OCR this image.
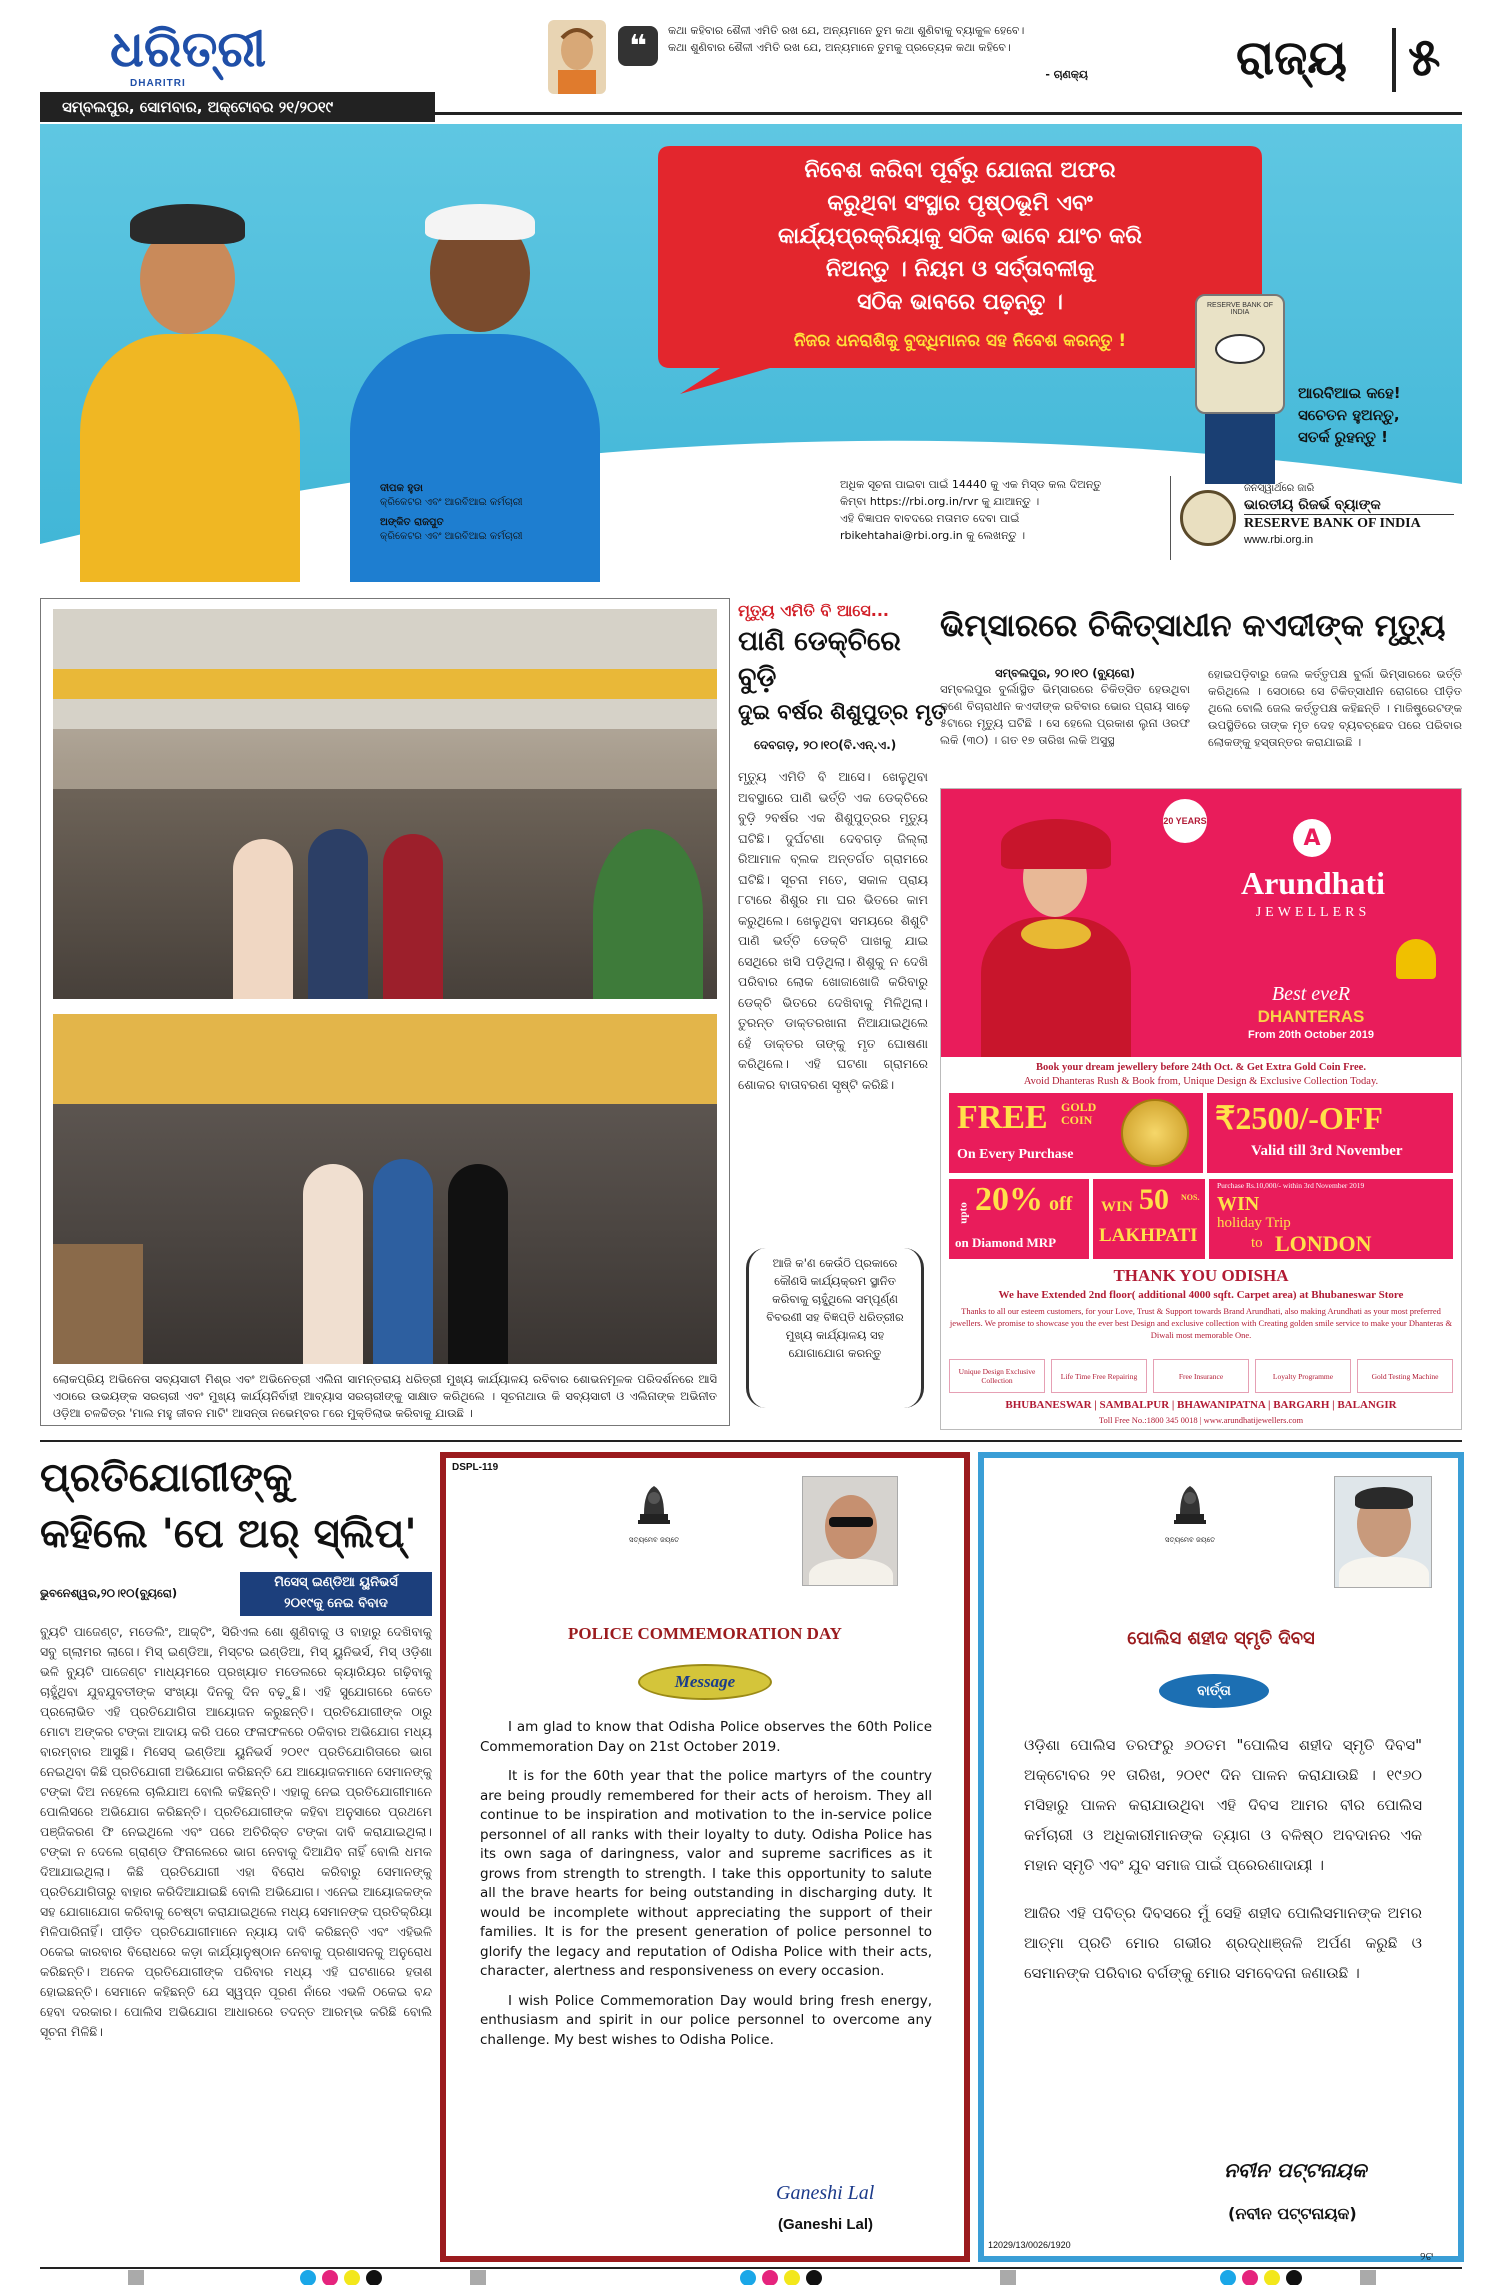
ଧରିତ୍ରୀ
DHARITRI
ସମ୍ବଲପୁର, ସୋମବାର, ଅକ୍ଟୋବର ୨୧/୨୦୧୯
❝	କଥା କହିବାର ଶୈଳୀ ଏମିତି ରଖ ଯେ, ଅନ୍ୟମାନେ ତୁମ କଥା ଶୁଣିବାକୁ ବ୍ୟାକୁଳ ହେବେ।
କଥା ଶୁଣିବାର ଶୈଳୀ ଏମିତି ରଖ ଯେ, ଅନ୍ୟମାନେ ତୁମକୁ ପ୍ରତ୍ୟେକ କଥା କହିବେ।
- ଚାଣକ୍ୟ	ରାଜ୍ୟ ୫
ନିବେଶ କରିବା ପୂର୍ବରୁ ଯୋଜନା ଅଫର
କରୁଥିବା ସଂସ୍ଥାର ପୃଷ୍ଠଭୂମି ଏବଂ
କାର୍ଯ୍ୟପ୍ରକ୍ରିୟାକୁ ସଠିକ ଭାବେ ଯାଂଚ କରି
ନିଅନ୍ତୁ । ନିୟମ ଓ ସର୍ତ୍ତାବଳୀକୁ
ସଠିକ ଭାବରେ ପଢ଼ନ୍ତୁ ।
ନିଜର ଧନରାଶିକୁ ବୁଦ୍ଧିମାନର ସହ ନିବେଶ କରନ୍ତୁ !
RESERVE BANK OF INDIA
ଆରବିଆଇ କହେ!
ସଚେତନ ହୁଅନ୍ତୁ,
ସତର୍କ ରୁହନ୍ତୁ !
ଦୀପକ ହୁଡା
କ୍ରିକେଟର ଏବଂ ଆରବିଆଇ କର୍ମଚାରୀ
ଅଙ୍କିତ ରାଜପୁତ
କ୍ରିକେଟର ଏବଂ ଆରବିଆଇ କର୍ମଚାରୀ
ଅଧିକ ସୂଚନା ପାଇବା ପାଇଁ 14440 କୁ ଏକ ମିସ୍ଡ କଲ ଦିଅନ୍ତୁ
କିମ୍ବା https://rbi.org.in/rvr କୁ ଯାଆନ୍ତୁ ।
ଏହି ବିଜ୍ଞାପନ ବାବଦରେ ମତାମତ ଦେବା ପାଇଁ
rbikehtahai@rbi.org.in କୁ ଲେଖନ୍ତୁ ।
ଜନସ୍ୱାର୍ଥରେ ଜାରି
ଭାରତୀୟ ରିଜର୍ଭ ବ୍ୟାଙ୍କ
RESERVE BANK OF INDIA
www.rbi.org.in
ଲୋକପ୍ରିୟ ଅଭିନେତା ସବ୍ୟସାଚୀ ମିଶ୍ର ଏବଂ ଅଭିନେତ୍ରୀ ଏଲିନା ସାମନ୍ତରାୟ ଧରିତ୍ରୀ ମୁଖ୍ୟ କାର୍ଯ୍ୟାଳୟ ରବିବାର ଶୋଭନମୂଳକ ପରିଦର୍ଶନରେ ଆସି ଏଠାରେ ଉଭୟଙ୍କ ସରଚାରୀ ଏବଂ ମୁଖ୍ୟ କାର୍ଯ୍ୟନିର୍ବାହୀ ଆବ୍ୟାସ ସରଚାରୀଙ୍କୁ ସାକ୍ଷାତ କରିଥିଲେ । ସୂଚନାଥାଉ କି ସବ୍ୟସାଚୀ ଓ ଏଲିନାଙ୍କ ଅଭିନୀତ ଓଡ଼ିଆ ଚଳଚ୍ଚିତ୍ର 'ମାଲ ମହୁ ଜୀବନ ମାଟି' ଆସନ୍ତା ନଭେମ୍ବର ୮ରେ ମୁକ୍ତିଲାଭ କରିବାକୁ ଯାଉଛି ।
ମୃତ୍ୟୁ ଏମିତି ବି ଆସେ...
ପାଣି ଡେକ୍‌ଚିରେ ବୁଡ଼ି
ଦୁଇ ବର୍ଷର ଶିଶୁପୁତ୍ର ମୃତ
ଦେବଗଡ଼, ୨୦।୧୦(ବି.ଏନ୍.ଏ.)
ମୃତ୍ୟୁ ଏମିତି ବି ଆସେ। ଖେଳୁଥିବା ଅବସ୍ଥାରେ ପାଣି ଭର୍ତ୍ତି ଏକ ଡେକ୍‌ଚିରେ ବୁଡ଼ି ୨ବର୍ଷର ଏକ ଶିଶୁପୁତ୍ରର ମୃତ୍ୟୁ ଘଟିଛି। ଦୁର୍ଘଟଣା ଦେବଗଡ଼ ଜିଲ୍ଲା ରିଆମାଳ ବ୍ଲକ ଅନ୍ତର୍ଗତ ଗ୍ରାମରେ ଘଟିଛି। ସୂଚନା ମତେ, ସକାଳ ପ୍ରାୟ ୮ଟାରେ ଶିଶୁର ମା ଘର ଭିତରେ କାମ କରୁଥିଲେ। ଖେଳୁଥିବା ସମୟରେ ଶିଶୁଟି ପାଣି ଭର୍ତ୍ତି ଡେକ୍‌ଚି ପାଖକୁ ଯାଇ ସେଥିରେ ଖସି ପଡ଼ିଥିଲା। ଶିଶୁକୁ ନ ଦେଖି ପରିବାର ଲୋକ ଖୋଜାଖୋଜି କରିବାରୁ ଡେକ୍‌ଚି ଭିତରେ ଦେଖିବାକୁ ମିଳିଥିଲା। ତୁରନ୍ତ ଡାକ୍ତରଖାନା ନିଆଯାଇଥିଲେ ହେଁ ଡାକ୍ତର ତାଙ୍କୁ ମୃତ ଘୋଷଣା କରିଥିଲେ। ଏହି ଘଟଣା ଗ୍ରାମରେ ଶୋକର ବାତାବରଣ ସୃଷ୍ଟି କରିଛି।
ଆଜି କ'ଣ କେଉଁଠି ପ୍ରକାରେ କୌଣସି କାର୍ଯ୍ୟକ୍ରମ ସ୍ଥାନିତ କରିବାକୁ ଚାହୁଁଥିଲେ ସମ୍ପୂର୍ଣ୍ଣ ବିବରଣୀ ସହ ବିଜ୍ଞପ୍ତି ଧରିତ୍ରୀର ମୁଖ୍ୟ କାର୍ଯ୍ୟାଳୟ ସହ ଯୋଗାଯୋଗ କରନ୍ତୁ
ଭିମ୍‌ସାରରେ ଚିକିତ୍ସାଧୀନ କଏଦୀଙ୍କ ମୃତ୍ୟୁ
ସମ୍ବଲପୁର, ୨୦।୧୦ (ବ୍ୟୁରୋ)
ସମ୍ବଲପୁର ବୁର୍ଲାସ୍ଥିତ ଭିମ୍‌ସାରରେ ଚିକିତ୍ସିତ ହେଉଥିବା ଜଣେ ବିଚାରାଧୀନ କଏଦୀଙ୍କ ରବିବାର ଭୋର ପ୍ରାୟ ସାଢ଼େ ୫ଟାରେ ମୃତ୍ୟୁ ଘଟିଛି । ସେ ହେଲେ ପ୍ରକାଶ ଲୁନା ଓରଫ ଲକି (୩୦) । ଗତ ୧୭ ତାରିଖ ଲକି ଅସୁସ୍ଥ
ହୋଇପଡ଼ିବାରୁ ଜେଲ କର୍ତ୍ତୃପକ୍ଷ ବୁର୍ଲା ଭିମ୍‌ସାରରେ ଭର୍ତ୍ତି କରିଥିଲେ । ସେଠାରେ ସେ ଚିକିତ୍ସାଧୀନ ରୋଗରେ ପୀଡ଼ିତ ଥିଲେ ବୋଲି ଜେଲ କର୍ତ୍ତୃପକ୍ଷ କହିଛନ୍ତି । ମାଜିଷ୍ଟ୍ରେଟଙ୍କ ଉପସ୍ଥିତିରେ ତାଙ୍କ ମୃତ ଦେହ ବ୍ୟବଚ୍ଛେଦ ପରେ ପରିବାର ଲୋକଙ୍କୁ ହସ୍ତାନ୍ତର କରାଯାଇଛି ।
20 YEARS
A
Arundhati
JEWELLERS
Best eveR
DHANTERAS
From 20th October 2019
Book your dream jewellery before 24th Oct. & Get Extra Gold Coin Free.
Avoid Dhanteras Rush & Book from, Unique Design & Exclusive Collection Today.
FREE GOLD COIN
On Every Purchase
₹2500/-OFF
Valid till 3rd November
upto 20% off
on Diamond MRP
WIN 50 NOS.
LAKHPATI
Purchase Rs.10,000/- within 3rd November 2019
WIN
holiday Trip
to LONDON
THANK YOU ODISHA
We have Extended 2nd floor( additional 4000 sqft. Carpet area) at Bhubaneswar Store
Thanks to all our esteem customers, for your Love, Trust & Support towards Brand Arundhati, also making Arundhati as your most preferred jewellers. We promise to showcase you the ever best Design and exclusive collection with Creating golden smile service to make your Dhanteras & Diwali most memorable One.
Unique Design Exclusive Collection	Life Time Free Repairing	Free Insurance	Loyalty Programme	Gold Testing Machine
BHUBANESWAR | SAMBALPUR | BHAWANIPATNA | BARGARH | BALANGIR
Toll Free No.:1800 345 0018 | www.arundhatijewellers.com
ପ୍ରତିଯୋଗୀଙ୍କୁ
କହିଲେ 'ପେ ଅର୍ ସ୍ଲିପ୍'
ଭୁବନେଶ୍ୱର,୨୦।୧୦(ବ୍ୟୁରୋ)
ମିସେସ୍ ଇଣ୍ଡିଆ ୟୁନିଭର୍ସ
୨୦୧୯କୁ ନେଇ ବିବାଦ
ବ୍ୟୁଟି ପାଜେଣ୍ଟ, ମଡେଲିଂ, ଆକ୍ଟିଂ, ସିରିଏଲ ଶୋ ଶୁଣିବାକୁ ଓ ବାହାରୁ ଦେଖିବାକୁ ସବୁ ଗ୍ଲାମର ଲାଗେ। ମିସ୍ ଇଣ୍ଡିଆ, ମିସ୍ଟର ଇଣ୍ଡିଆ, ମିସ୍ ୟୁନିଭର୍ସ, ମିସ୍ ଓଡ଼ିଶା ଭଳି ବ୍ୟୁଟି ପାଜେଣ୍ଟ ମାଧ୍ୟମରେ ପ୍ରଖ୍ୟାତ ମଡେଲରେ କ୍ୟାରିୟର ଗଢ଼ିବାକୁ ଚାହୁଁଥିବା ଯୁବଯୁବତୀଙ୍କ ସଂଖ୍ୟା ଦିନକୁ ଦିନ ବଢ଼ୁଛି। ଏହି ସୁଯୋଗରେ କେତେ ପ୍ରଲୋଭିତ ଏହି ପ୍ରତିଯୋଗିତା ଆୟୋଜନ କରୁଛନ୍ତି। ପ୍ରତିଯୋଗୀଙ୍କ ଠାରୁ ମୋଟା ଅଙ୍କର ଟଙ୍କା ଆଦାୟ କରି ପରେ ଫଳାଫଳରେ ଠକିବାର ଅଭିଯୋଗ ମଧ୍ୟ ବାରମ୍ବାର ଆସୁଛି। ମିସେସ୍ ଇଣ୍ଡିଆ ୟୁନିଭର୍ସ ୨୦୧୯ ପ୍ରତିଯୋଗିତାରେ ଭାଗ ନେଇଥିବା କିଛି ପ୍ରତିଯୋଗୀ ଅଭିଯୋଗ କରିଛନ୍ତି ଯେ ଆୟୋଜକମାନେ ସେମାନଙ୍କୁ ଟଙ୍କା ଦିଅ ନହେଲେ ଚାଲିଯାଅ ବୋଲି କହିଛନ୍ତି। ଏହାକୁ ନେଇ ପ୍ରତିଯୋଗୀମାନେ ପୋଲିସରେ ଅଭିଯୋଗ କରିଛନ୍ତି। ପ୍ରତିଯୋଗୀଙ୍କ କହିବା ଅନୁସାରେ ପ୍ରଥମେ ପଞ୍ଜିକରଣ ଫି ନେଇଥିଲେ ଏବଂ ପରେ ଅତିରିକ୍ତ ଟଙ୍କା ଦାବି କରାଯାଇଥିଲା। ଟଙ୍କା ନ ଦେଲେ ଗ୍ରାଣ୍ଡ ଫିନାଲେରେ ଭାଗ ନେବାକୁ ଦିଆଯିବ ନାହିଁ ବୋଲି ଧମକ ଦିଆଯାଇଥିଲା। କିଛି ପ୍ରତିଯୋଗୀ ଏହା ବିରୋଧ କରିବାରୁ ସେମାନଙ୍କୁ ପ୍ରତିଯୋଗିତାରୁ ବାହାର କରିଦିଆଯାଇଛି ବୋଲି ଅଭିଯୋଗ। ଏନେଇ ଆୟୋଜକଙ୍କ ସହ ଯୋଗାଯୋଗ କରିବାକୁ ଚେଷ୍ଟା କରାଯାଇଥିଲେ ମଧ୍ୟ ସେମାନଙ୍କ ପ୍ରତିକ୍ରିୟା ମିଳିପାରିନାହିଁ। ପୀଡ଼ିତ ପ୍ରତିଯୋଗୀମାନେ ନ୍ୟାୟ ଦାବି କରିଛନ୍ତି ଏବଂ ଏହିଭଳି ଠକେଇ କାରବାର ବିରୋଧରେ କଡ଼ା କାର୍ଯ୍ୟାନୁଷ୍ଠାନ ନେବାକୁ ପ୍ରଶାସନକୁ ଅନୁରୋଧ କରିଛନ୍ତି। ଅନେକ ପ୍ରତିଯୋଗୀଙ୍କ ପରିବାର ମଧ୍ୟ ଏହି ଘଟଣାରେ ହତାଶ ହୋଇଛନ୍ତି। ସେମାନେ କହିଛନ୍ତି ଯେ ସ୍ୱପ୍ନ ପୂରଣ ନାଁରେ ଏଭଳି ଠକେଇ ବନ୍ଦ ହେବା ଦରକାର। ପୋଲିସ ଅଭିଯୋଗ ଆଧାରରେ ତଦନ୍ତ ଆରମ୍ଭ କରିଛି ବୋଲି ସୂଚନା ମିଳିଛି।
DSPL-119
ସତ୍ୟମେବ ଜୟତେ
POLICE COMMEMORATION DAY
Message

I am glad to know that Odisha Police observes the 60th Police Commemoration Day on 21st October 2019.

It is for the 60th year that the police martyrs of the country are being proudly remembered for their acts of heroism. They all continue to be inspiration and motivation to the in-service police personnel of all ranks with their loyalty to duty. Odisha Police has its own saga of daringness, valor and supreme sacrifices as it grows from strength to strength. I take this opportunity to salute all the brave hearts for being outstanding in discharging duty. It would be incomplete without appreciating the support of their families. It is for the present generation of police personnel to glorify the legacy and reputation of Odisha Police with their acts, character, alertness and responsiveness on every occasion.

I wish Police Commemoration Day would bring fresh energy, enthusiasm and spirit in our police personnel to overcome any challenge. My best wishes to Odisha Police.

Ganeshi Lal
(Ganeshi Lal)
ସତ୍ୟମେବ ଜୟତେ
ପୋଲିସ ଶହୀଦ ସ୍ମୃତି ଦିବସ
ବାର୍ତ୍ତା

ଓଡ଼ିଶା ପୋଲିସ ତରଫରୁ ୬୦ତମ "ପୋଲିସ ଶହୀଦ ସ୍ମୃତି ଦିବସ" ଅକ୍ଟୋବର ୨୧ ତାରିଖ, ୨୦୧୯ ଦିନ ପାଳନ କରାଯାଉଛି । ୧୯୬୦ ମସିହାରୁ ପାଳନ କରାଯାଉଥିବା ଏହି ଦିବସ ଆମର ବୀର ପୋଲିସ କର୍ମଚାରୀ ଓ ଅଧିକାରୀମାନଙ୍କ ତ୍ୟାଗ ଓ ବଳିଷ୍ଠ ଅବଦାନର ଏକ ମହାନ ସ୍ମୃତି ଏବଂ ଯୁବ ସମାଜ ପାଇଁ ପ୍ରେରଣାଦାୟୀ ।

ଆଜିର ଏହି ପବିତ୍ର ଦିବସରେ ମୁଁ ସେହି ଶହୀଦ ପୋଲିସମାନଙ୍କ ଅମର ଆତ୍ମା ପ୍ରତି ମୋର ଗଭୀର ଶ୍ରଦ୍ଧାଞ୍ଜଳି ଅର୍ପଣ କରୁଛି ଓ ସେମାନଙ୍କ ପରିବାର ବର୍ଗଙ୍କୁ ମୋର ସମବେଦନା ଜଣାଉଛି ।

ନବୀନ ପଟ୍ଟନାୟକ
(ନବୀନ ପଟ୍ଟନାୟକ)
12029/13/0026/1920
୨ଟ
